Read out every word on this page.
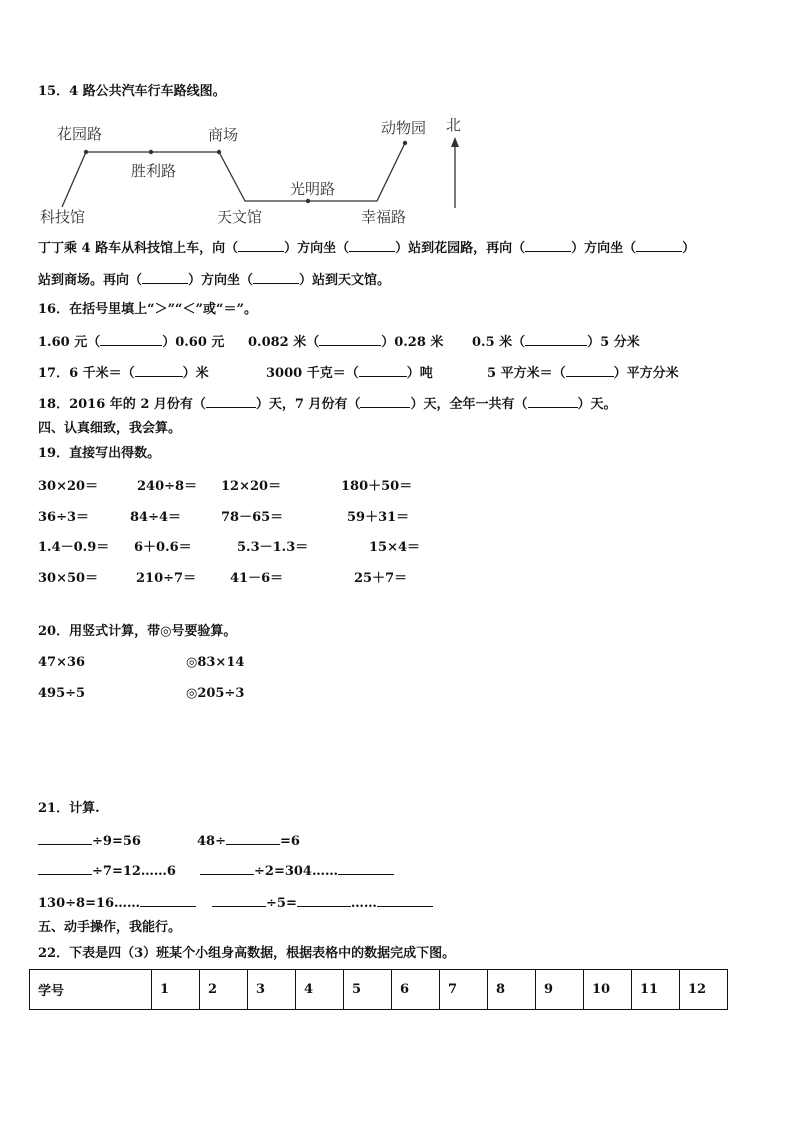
15．4 路公共汽车行车路线图。
花园路
胜利路
商场
科技馆	天文馆
光明路
幸福路
动物园 北
丁丁乘 4 路车从科技馆上车，向（	）方向坐（	）站到花园路，再向（	）方向坐（	）
站到商场。再向（	）方向坐（	）站到天文馆。
16．在括号里填上“＞”“＜”或“＝”。
1.60 元（	）0.60 元 0.082 米（	）0.28 米 0.5 米（	）5 分米
17．6 千米＝（	）米	3000 千克＝（	）吨	5 平方米＝（	）平方分米
18．2016 年的 2 月份有（	）天，7 月份有（	）天，全年一共有（	）天。
四、认真细致，我会算。
19．直接写出得数。
30×20＝	240÷8＝ 12×20＝	180＋50＝
36÷3＝	84÷4＝	78－65＝	59＋31＝
1.4－0.9＝ 6＋0.6＝	5.3－1.3＝	15×4＝
30×50＝	210÷7＝	41－6＝	25＋7＝
20．用竖式计算，带◎号要验算。
47×36	◎83×14
495÷5	◎205÷3
21．计算.
÷9=56	48÷	=6
÷7=12……6	÷2=304……
130÷8=16……	÷5=	……
五、动手操作，我能行。
22．下表是四（3）班某个小组身高数据，根据表格中的数据完成下图。
学号	1	2	3	4	5	6	7	8	9	10	11	12
